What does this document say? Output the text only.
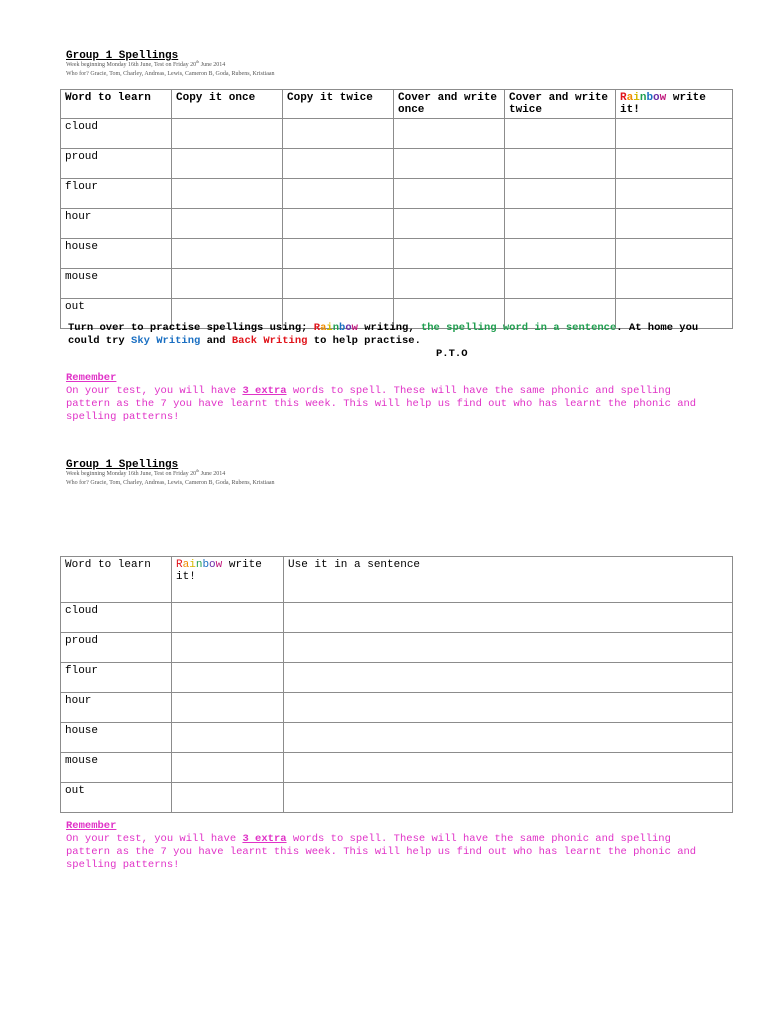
Group 1 Spellings
Week beginning Monday 16th June, Test on Friday 20th June 2014
Who for? Gracie, Tom, Charley, Andreas, Lewis, Cameron B, Goda, Rubens, Kristiaan
Word to learn	Copy it once	Copy it twice	Cover and write once	Cover and write twice	Rainbow write it!
cloud					
proud					
flour					
hour					
house					
mouse					
out					
Turn over to practise spellings using; Rainbow writing, the spelling word in a sentence. At home you could try Sky Writing and Back Writing to help practise.
P.T.O
Remember
On your test, you will have 3 extra words to spell. These will have the same phonic and spelling pattern as the 7 you have learnt this week. This will help us find out who has learnt the phonic and spelling patterns!
Group 1 Spellings
Week beginning Monday 16th June, Test on Friday 20th June 2014
Who for? Gracie, Tom, Charley, Andreas, Lewis, Cameron B, Goda, Rubens, Kristiaan
Word to learn	Rainbow write it!	Use it in a sentence
cloud		
proud		
flour		
hour		
house		
mouse		
out		
Remember
On your test, you will have 3 extra words to spell. These will have the same phonic and spelling pattern as the 7 you have learnt this week. This will help us find out who has learnt the phonic and spelling patterns!
